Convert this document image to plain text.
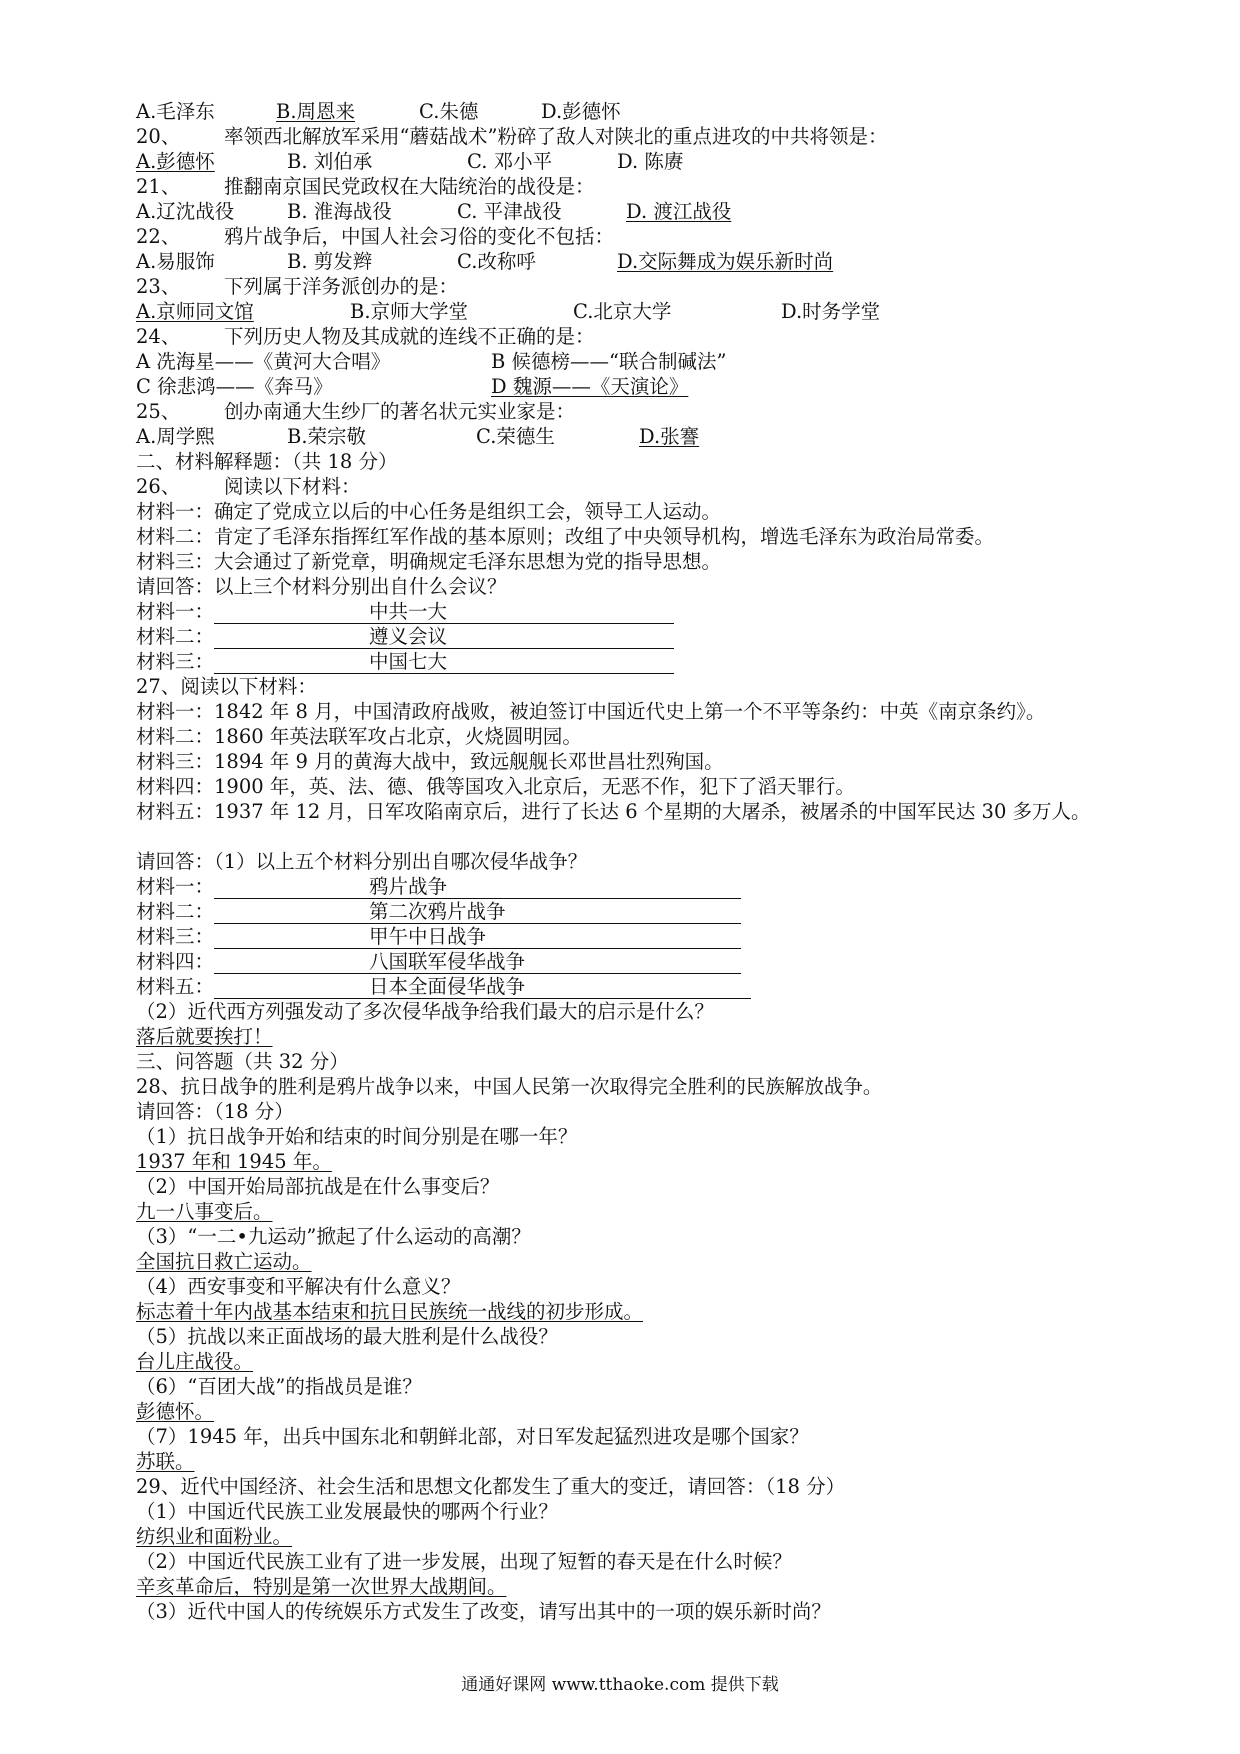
A.毛泽东	B.周恩来	C.朱德	D.彭德怀
20、 率领西北解放军采用“蘑菇战术”粉碎了敌人对陕北的重点进攻的中共将领是：
A.彭德怀	B. 刘伯承	C. 邓小平	D. 陈赓
21、 推翻南京国民党政权在大陆统治的战役是：
A.辽沈战役	B. 淮海战役	C. 平津战役	D. 渡江战役
22、 鸦片战争后，中国人社会习俗的变化不包括：
A.易服饰	B. 剪发辫	C.改称呼	D.交际舞成为娱乐新时尚
23、 下列属于洋务派创办的是：
A.京师同文馆	B.京师大学堂	C.北京大学	D.时务学堂
24、 下列历史人物及其成就的连线不正确的是：
A 冼海星——《黄河大合唱》	B 候德榜——“联合制碱法”
C 徐悲鸿——《奔马》	D 魏源——《天演论》
25、 创办南通大生纱厂的著名状元实业家是：
A.周学熙	B.荣宗敬	C.荣德生	D.张謇
二、材料解释题：（共 18 分）
26、 阅读以下材料：
材料一：确定了党成立以后的中心任务是组织工会，领导工人运动。
材料二：肯定了毛泽东指挥红军作战的基本原则；改组了中央领导机构，增选毛泽东为政治局常委。
材料三：大会通过了新党章，明确规定毛泽东思想为党的指导思想。
请回答：以上三个材料分别出自什么会议？
材料一：	中共一大
材料二：	遵义会议
材料三：	中国七大
27、阅读以下材料：
材料一：1842 年 8 月，中国清政府战败，被迫签订中国近代史上第一个不平等条约：中英《南京条约》。
材料二：1860 年英法联军攻占北京，火烧圆明园。
材料三：1894 年 9 月的黄海大战中，致远舰舰长邓世昌壮烈殉国。
材料四：1900 年，英、法、德、俄等国攻入北京后，无恶不作，犯下了滔天罪行。
材料五：1937 年 12 月，日军攻陷南京后，进行了长达 6 个星期的大屠杀，被屠杀的中国军民达 30 多万人。
请回答：（1）以上五个材料分别出自哪次侵华战争？
材料一：	鸦片战争
材料二：	第二次鸦片战争
材料三：	甲午中日战争
材料四：	八国联军侵华战争
材料五：	日本全面侵华战争
（2）近代西方列强发动了多次侵华战争给我们最大的启示是什么？
落后就要挨打！
三、问答题（共 32 分）
28、抗日战争的胜利是鸦片战争以来，中国人民第一次取得完全胜利的民族解放战争。
请回答：（18 分）
（1）抗日战争开始和结束的时间分别是在哪一年？
1937 年和 1945 年。
（2）中国开始局部抗战是在什么事变后？
九一八事变后。
（3）“一二•九运动”掀起了什么运动的高潮？
全国抗日救亡运动。
（4）西安事变和平解决有什么意义？
标志着十年内战基本结束和抗日民族统一战线的初步形成。
（5）抗战以来正面战场的最大胜利是什么战役？
台儿庄战役。
（6）“百团大战”的指战员是谁？
彭德怀。
（7）1945 年，出兵中国东北和朝鲜北部，对日军发起猛烈进攻是哪个国家？
苏联。
29、近代中国经济、社会生活和思想文化都发生了重大的变迁，请回答：（18 分）
（1）中国近代民族工业发展最快的哪两个行业？
纺织业和面粉业。
（2）中国近代民族工业有了进一步发展，出现了短暂的春天是在什么时候？
辛亥革命后，特别是第一次世界大战期间。
（3）近代中国人的传统娱乐方式发生了改变，请写出其中的一项的娱乐新时尚？
通通好课网 www.tthaoke.com 提供下载
